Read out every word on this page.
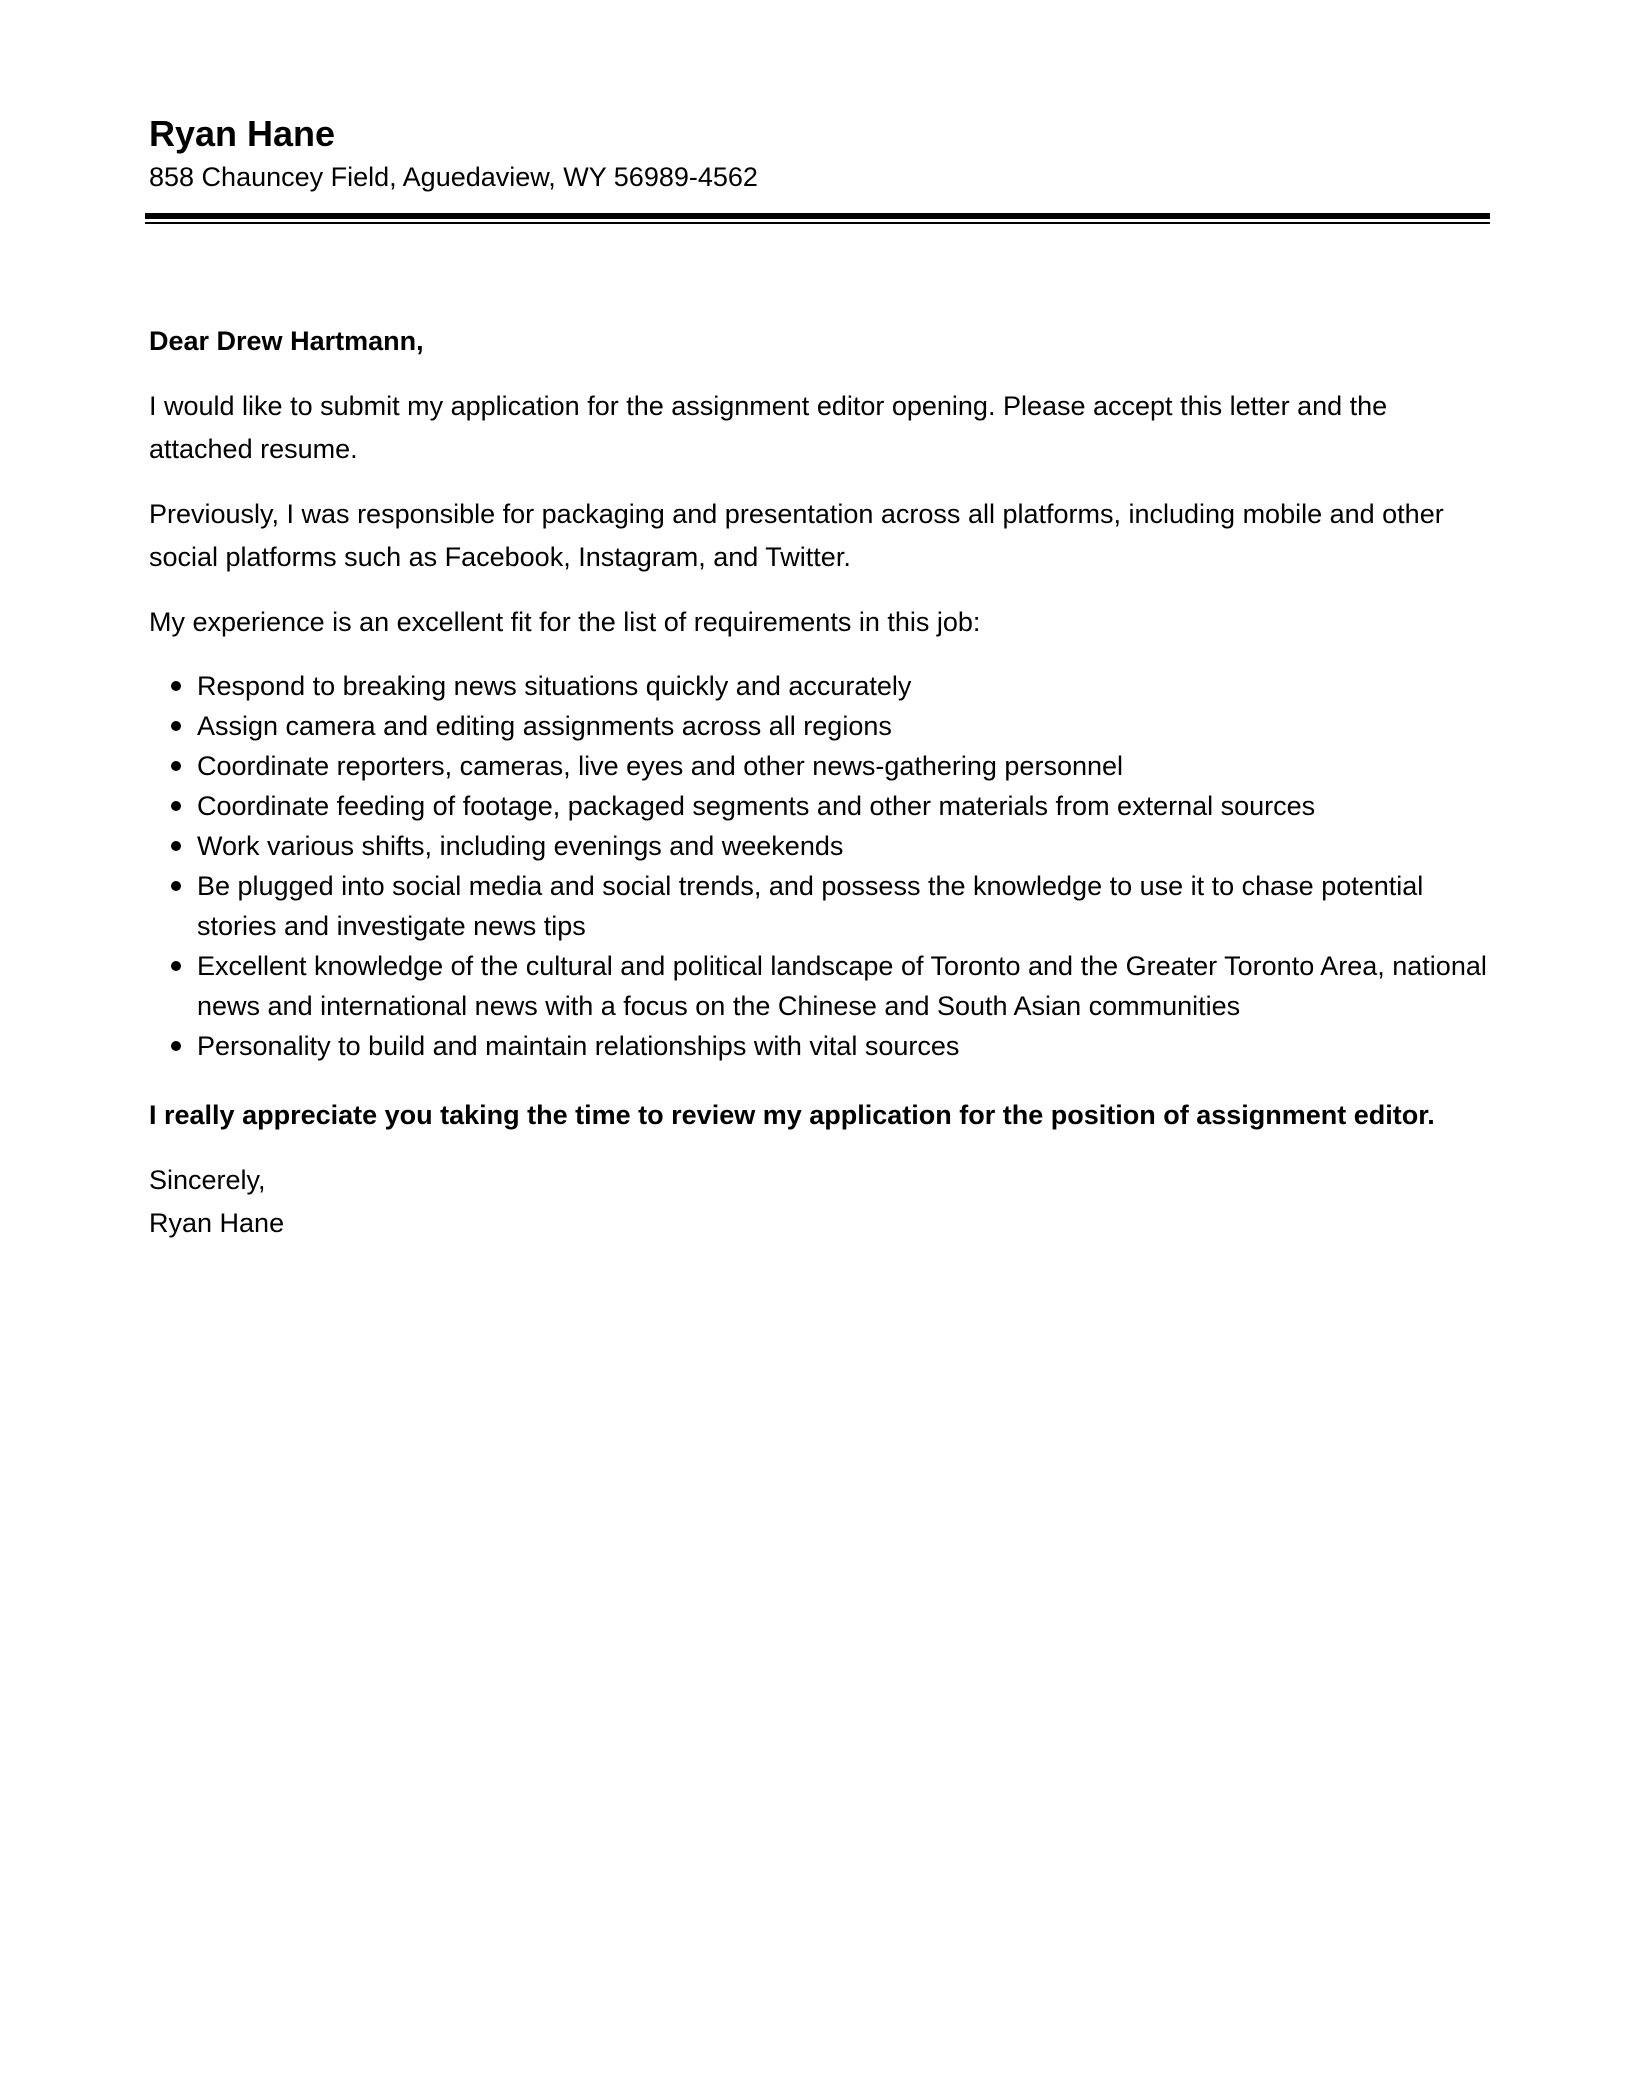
Ryan Hane
858 Chauncey Field, Aguedaview, WY 56989-4562

Dear Drew Hartmann,

I would like to submit my application for the assignment editor opening. Please accept this letter and the attached resume.

Previously, I was responsible for packaging and presentation across all platforms, including mobile and other social platforms such as Facebook, Instagram, and Twitter.

My experience is an excellent fit for the list of requirements in this job:

Respond to breaking news situations quickly and accurately
Assign camera and editing assignments across all regions
Coordinate reporters, cameras, live eyes and other news-gathering personnel
Coordinate feeding of footage, packaged segments and other materials from external sources
Work various shifts, including evenings and weekends
Be plugged into social media and social trends, and possess the knowledge to use it to chase potential stories and investigate news tips
Excellent knowledge of the cultural and political landscape of Toronto and the Greater Toronto Area, national news and international news with a focus on the Chinese and South Asian communities
Personality to build and maintain relationships with vital sources

I really appreciate you taking the time to review my application for the position of assignment editor.

Sincerely,

Ryan Hane
